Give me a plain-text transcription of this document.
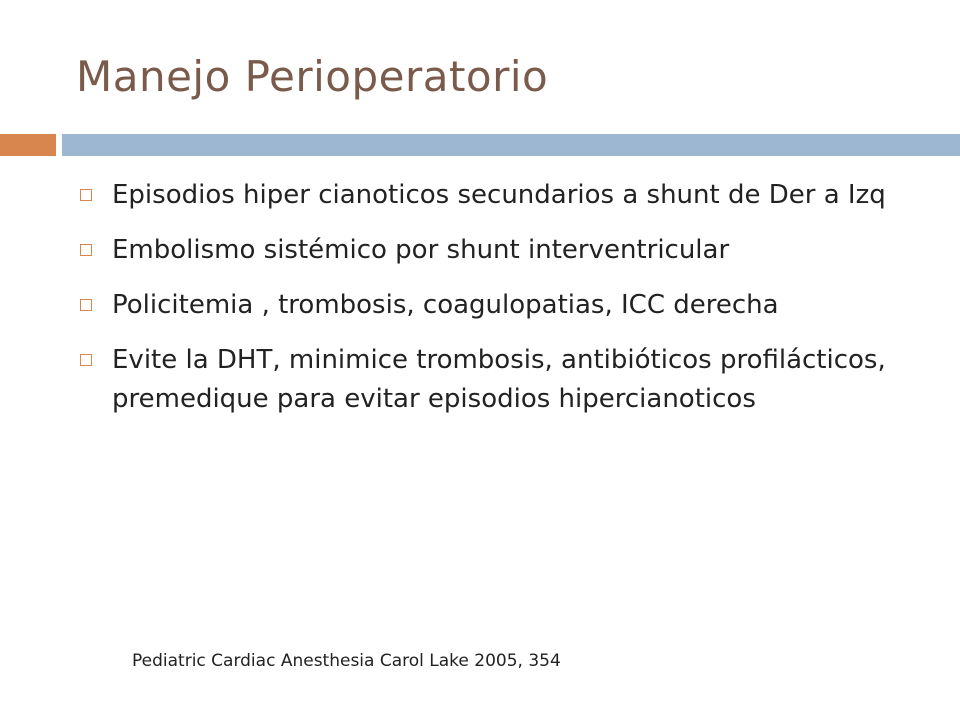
Manejo Perioperatorio
Episodios hiper cianoticos secundarios a shunt de Der a Izq
Embolismo sistémico por shunt interventricular
Policitemia , trombosis, coagulopatias, ICC derecha
Evite la DHT, minimice trombosis, antibióticos profilácticos, premedique para evitar episodios hipercianoticos
Pediatric Cardiac Anesthesia Carol Lake 2005, 354
